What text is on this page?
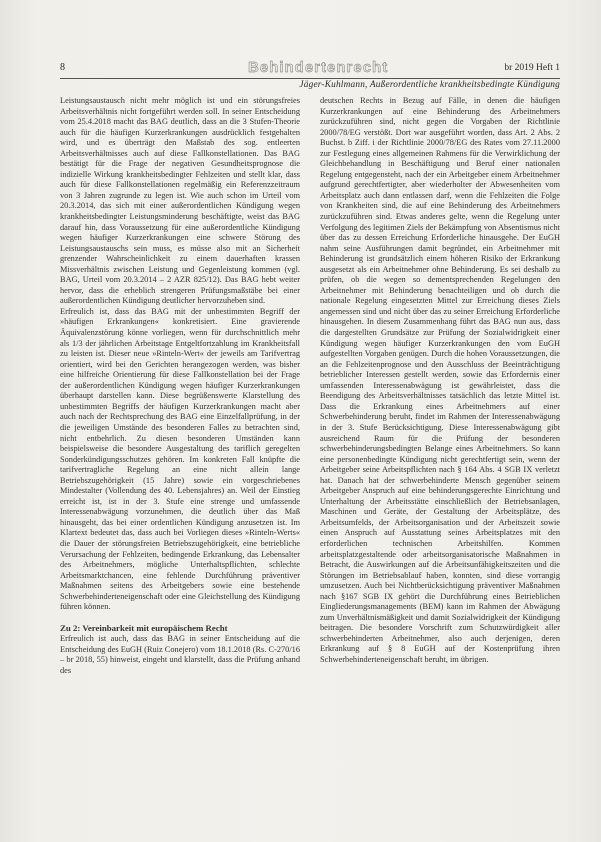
8	Behindertenrecht	br 2019 Heft 1
Jäger-Kuhlmann, Außerordentliche krankheitsbedingte Kündigung

Leistungsaustausch nicht mehr möglich ist und ein störungsfreies Arbeitsverhältnis nicht fortgeführt werden soll. In seiner Entscheidung vom 25.4.2018 macht das BAG deutlich, dass an die 3 Stufen-Theorie auch für die häufigen Kurzerkrankungen ausdrücklich festgehalten wird, und es überträgt den Maßstab des sog. entleerten Arbeitsverhältnisses auch auf diese Fallkonstellationen. Das BAG bestätigt für die Frage der negativen Gesundheitsprognose die indizielle Wirkung krankheitsbedingter Fehlzeiten und stellt klar, dass auch für diese Fallkonstellationen regelmäßig ein Referenzzeitraum von 3 Jahren zugrunde zu legen ist. Wie auch schon im Urteil vom 20.3.2014, das sich mit einer außerordentlichen Kündigung wegen krankheitsbedingter Leistungsminderung beschäftigte, weist das BAG darauf hin, dass Voraussetzung für eine außerordentliche Kündigung wegen häufiger Kurzerkrankungen eine schwere Störung des Leistungsaustauschs sein muss, es müsse also mit an Sicherheit grenzender Wahrscheinlichkeit zu einem dauerhaften krassen Missverhältnis zwischen Leistung und Gegenleistung kommen (vgl. BAG, Urteil vom 20.3.2014 – 2 AZR 825/12). Das BAG hebt weiter hervor, dass die erheblich strengeren Prüfungsmaßstäbe bei einer außerordentlichen Kündigung deutlicher hervorzuheben sind.

Erfreulich ist, dass das BAG mit der unbestimmten Begriff der »häufigen Erkrankungen« konkretisiert. Eine gravierende Äquivalenzstörung könne vorliegen, wenn für durchschnittlich mehr als 1/3 der jährlichen Arbeitstage Entgeltfortzahlung im Krankheitsfall zu leisten ist. Dieser neue »Rinteln-Wert« der jeweils am Tarifvertrag orientiert, wird bei den Gerichten herangezogen werden, was bisher eine hilfreiche Orientierung für diese Fallkonstellation bei der Frage der außerordentlichen Kündigung wegen häufiger Kurzerkrankungen überhaupt darstellen kann. Diese begrüßenswerte Klarstellung des unbestimmten Begriffs der häufigen Kurzerkrankungen macht aber auch nach der Rechtsprechung des BAG eine Einzelfallprüfung, in der die jeweiligen Umstände des besonderen Falles zu betrachten sind, nicht entbehrlich. Zu diesen besonderen Umständen kann beispielsweise die besondere Ausgestaltung des tariflich geregelten Sonderkündigungsschutzes gehören. Im konkreten Fall knüpfte die tarifvertragliche Regelung an eine nicht allein lange Betriebszugehörigkeit (15 Jahre) sowie ein vorgeschriebenes Mindestalter (Vollendung des 40. Lebensjahres) an. Weil der Einstieg erreicht ist, ist in der 3. Stufe eine strenge und umfassende Interessenabwägung vorzunehmen, die deutlich über das Maß hinausgeht, das bei einer ordentlichen Kündigung anzusetzen ist. Im Klartext bedeutet das, dass auch bei Vorliegen dieses »Rinteln-Werts« die Dauer der störungsfreien Betriebszugehörigkeit, eine betriebliche Verursachung der Fehlzeiten, bedingende Erkrankung, das Lebensalter des Arbeitnehmers, mögliche Unterhaltspflichten, schlechte Arbeitsmarktchancen, eine fehlende Durchführung präventiver Maßnahmen seitens des Arbeitgebers sowie eine bestehende Schwerbehinderteneigenschaft oder eine Gleichstellung des Kündigung führen können.

Zu 2: Vereinbarkeit mit europäischem Recht

Erfreulich ist auch, dass das BAG in seiner Entscheidung auf die Entscheidung des EuGH (Ruiz Conejero) vom 18.1.2018 (Rs. C-270/16 – br 2018, 55) hinweist, eingeht und klarstellt, dass die Prüfung anhand des

deutschen Rechts in Bezug auf Fälle, in denen die häufigen Kurzerkrankungen auf eine Behinderung des Arbeitnehmers zurückzuführen sind, nicht gegen die Vorgaben der Richtlinie 2000/78/EG verstößt. Dort war ausgeführt worden, dass Art. 2 Abs. 2 Buchst. b Ziff. i der Richtlinie 2000/78/EG des Rates vom 27.11.2000 zur Festlegung eines allgemeinen Rahmens für die Verwirklichung der Gleichbehandlung in Beschäftigung und Beruf einer nationalen Regelung entgegensteht, nach der ein Arbeitgeber einem Arbeitnehmer aufgrund gerechtfertigter, aber wiederholter der Abwesenheiten vom Arbeitsplatz auch dann entlassen darf, wenn die Fehlzeiten die Folge von Krankheiten sind, die auf eine Behinderung des Arbeitnehmers zurückzuführen sind. Etwas anderes gelte, wenn die Regelung unter Verfolgung des legitimen Ziels der Bekämpfung von Absentismus nicht über das zu dessen Erreichung Erforderliche hinausgehe. Der EuGH nahm seine Ausführungen damit begründet, ein Arbeitnehmer mit Behinderung ist grundsätzlich einem höheren Risiko der Erkrankung ausgesetzt als ein Arbeitnehmer ohne Behinderung. Es sei deshalb zu prüfen, ob die wegen so dementsprechenden Regelungen den Arbeitnehmer mit Behinderung benachteiligen und ob durch die nationale Regelung eingesetzten Mittel zur Erreichung dieses Ziels angemessen sind und nicht über das zu seiner Erreichung Erforderliche hinausgehen. In diesem Zusammenhang führt das BAG nun aus, dass die dargestellten Grundsätze zur Prüfung der Sozialwidrigkeit einer Kündigung wegen häufiger Kurzerkrankungen den vom EuGH aufgestellten Vorgaben genügen. Durch die hohen Voraussetzungen, die an die Fehlzeitenprognose und den Ausschluss der Beeinträchtigung betrieblicher Interessen gestellt werden, sowie das Erfordernis einer umfassenden Interessenabwägung ist gewährleistet, dass die Beendigung des Arbeitsverhältnisses tatsächlich das letzte Mittel ist. Dass die Erkrankung eines Arbeitnehmers auf einer Schwerbehinderung beruht, findet im Rahmen der Interessenabwägung in der 3. Stufe Berücksichtigung. Diese Interessenabwägung gibt ausreichend Raum für die Prüfung der besonderen schwerbehinderungsbedingten Belange eines Arbeitnehmers. So kann eine personenbedingte Kündigung nicht gerechtfertigt sein, wenn der Arbeitgeber seine Arbeitspflichten nach § 164 Abs. 4 SGB IX verletzt hat. Danach hat der schwerbehinderte Mensch gegenüber seinem Arbeitgeber Anspruch auf eine behinderungsgerechte Einrichtung und Unterhaltung der Arbeitsstätte einschließlich der Betriebsanlagen, Maschinen und Geräte, der Gestaltung der Arbeitsplätze, des Arbeitsumfelds, der Arbeitsorganisation und der Arbeitszeit sowie einen Anspruch auf Ausstattung seines Arbeitsplatzes mit den erforderlichen technischen Arbeitshilfen. Kommen arbeitsplatzgestaltende oder arbeitsorganisatorische Maßnahmen in Betracht, die Auswirkungen auf die Arbeitsunfähigkeitszeiten und die Störungen im Betriebsablauf haben, konnten, sind diese vorrangig umzusetzen. Auch bei Nichtberücksichtigung präventiver Maßnahmen nach §167 SGB IX gehört die Durchführung eines Betrieblichen Eingliederungsmanagements (BEM) kann im Rahmen der Abwägung zum Unverhältnismäßigkeit und damit Sozialwidrigkeit der Kündigung beitragen. Die besondere Vorschrift zum Schutzwürdigkeit aller schwerbehinderten Arbeitnehmer, also auch derjenigen, deren Erkrankung auf § 8 EuGH auf der Kostenprüfung ihren Schwerbehinderteneigenschaft beruht, im übrigen.
